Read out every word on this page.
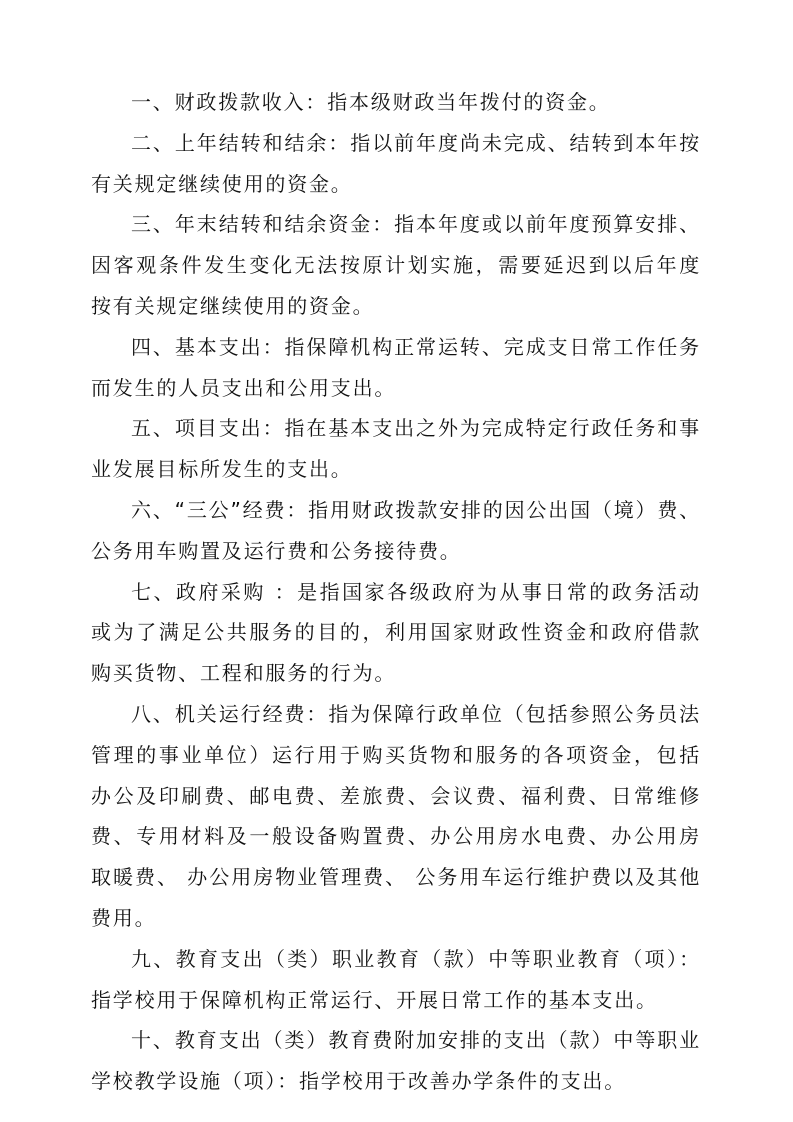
一、财政拨款收入：指本级财政当年拨付的资金。

二、上年结转和结余：指以前年度尚未完成、结转到本年按有关规定继续使用的资金。

三、年末结转和结余资金：指本年度或以前年度预算安排、因客观条件发生变化无法按原计划实施，需要延迟到以后年度按有关规定继续使用的资金。

四、基本支出：指保障机构正常运转、完成支日常工作任务而发生的人员支出和公用支出。

五、项目支出：指在基本支出之外为完成特定行政任务和事业发展目标所发生的支出。

六、“三公”经费：指用财政拨款安排的因公出国（境）费、公务用车购置及运行费和公务接待费。

七、政府采购 ：是指国家各级政府为从事日常的政务活动或为了满足公共服务的目的，利用国家财政性资金和政府借款购买货物、工程和服务的行为。

八、机关运行经费：指为保障行政单位（包括参照公务员法管理的事业单位）运行用于购买货物和服务的各项资金，包括办公及印刷费、邮电费、差旅费、会议费、福利费、日常维修费、专用材料及一般设备购置费、办公用房水电费、办公用房取暖费、 办公用房物业管理费、 公务用车运行维护费以及其他费用。

九、教育支出（类）职业教育（款）中等职业教育（项）：指学校用于保障机构正常运行、开展日常工作的基本支出。

十、教育支出（类）教育费附加安排的支出（款）中等职业学校教学设施（项）：指学校用于改善办学条件的支出。
